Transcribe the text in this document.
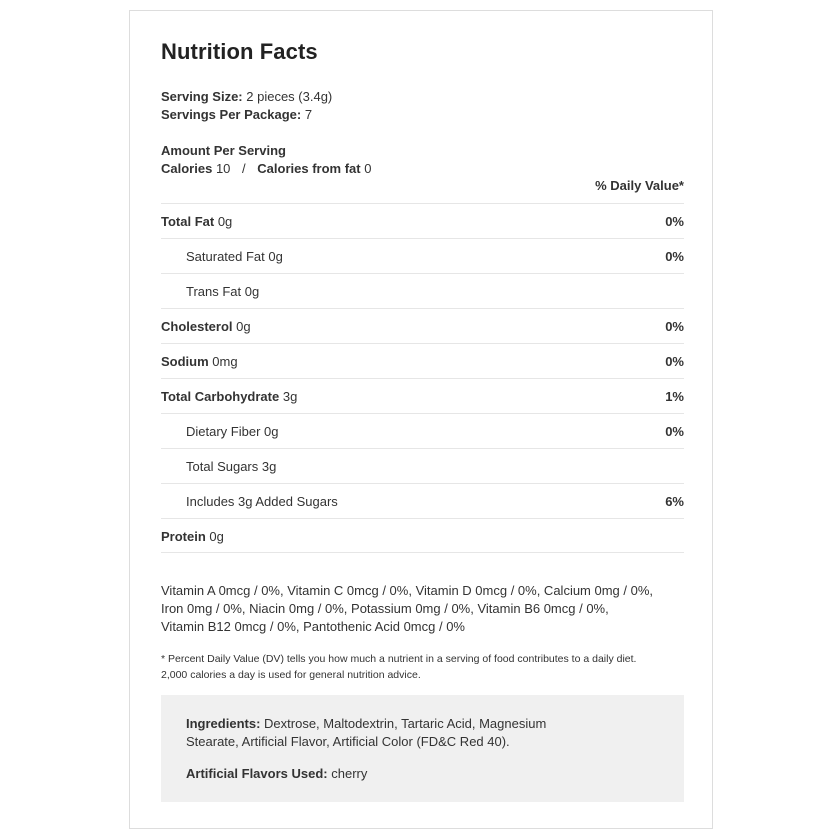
Nutrition Facts
Serving Size: 2 pieces (3.4g)
Servings Per Package: 7
Amount Per Serving
Calories 10 / Calories from fat 0
% Daily Value*
Total Fat 0g	0%
Saturated Fat 0g	0%
Trans Fat 0g
Cholesterol 0g	0%
Sodium 0mg	0%
Total Carbohydrate 3g	1%
Dietary Fiber 0g	0%
Total Sugars 3g
Includes 3g Added Sugars	6%
Protein 0g
Vitamin A 0mcg / 0%, Vitamin C 0mcg / 0%, Vitamin D 0mcg / 0%, Calcium 0mg / 0%,
Iron 0mg / 0%, Niacin 0mg / 0%, Potassium 0mg / 0%, Vitamin B6 0mcg / 0%,
Vitamin B12 0mcg / 0%, Pantothenic Acid 0mcg / 0%
* Percent Daily Value (DV) tells you how much a nutrient in a serving of food contributes to a daily diet.
2,000 calories a day is used for general nutrition advice.
Ingredients: Dextrose, Maltodextrin, Tartaric Acid, Magnesium Stearate, Artificial Flavor, Artificial Color (FD&C Red 40).
Artificial Flavors Used: cherry
